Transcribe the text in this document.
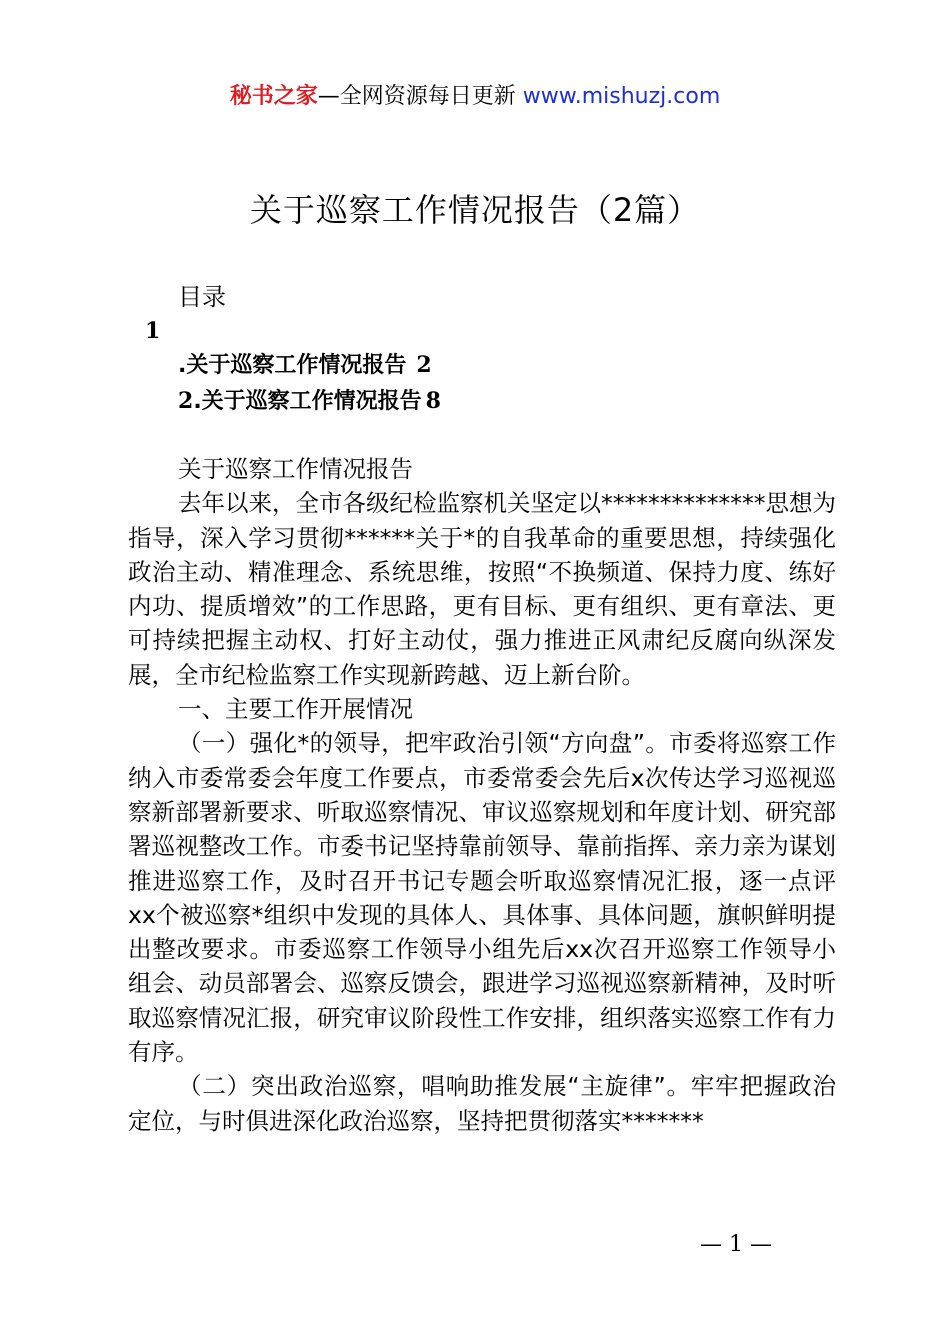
秘书之家—全网资源每日更新 www.mishuzj.com
关于巡察工作情况报告（2篇）
目录
1
.关于巡察工作情况报告 2
2.关于巡察工作情况报告 8

关于巡察工作情况报告

去年以来，全市各级纪检监察机关坚定以**************思想为指导，深入学习贯彻******关于*的自我革命的重要思想，持续强化政治主动、精准理念、系统思维，按照“不换频道、保持力度、练好内功、提质增效”的工作思路，更有目标、更有组织、更有章法、更可持续把握主动权、打好主动仗，强力推进正风肃纪反腐向纵深发展，全市纪检监察工作实现新跨越、迈上新台阶。

一、主要工作开展情况

（一）强化*的领导，把牢政治引领“方向盘”。市委将巡察工作纳入市委常委会年度工作要点，市委常委会先后x次传达学习巡视巡察新部署新要求、听取巡察情况、审议巡察规划和年度计划、研究部署巡视整改工作。市委书记坚持靠前领导、靠前指挥、亲力亲为谋划推进巡察工作，及时召开书记专题会听取巡察情况汇报，逐一点评xx个被巡察*组织中发现的具体人、具体事、具体问题，旗帜鲜明提出整改要求。市委巡察工作领导小组先后xx次召开巡察工作领导小组会、动员部署会、巡察反馈会，跟进学习巡视巡察新精神，及时听取巡察情况汇报，研究审议阶段性工作安排，组织落实巡察工作有力有序。

（二）突出政治巡察，唱响助推发展“主旋律”。牢牢把握政治定位，与时俱进深化政治巡察，坚持把贯彻落实*******

— 1 —
